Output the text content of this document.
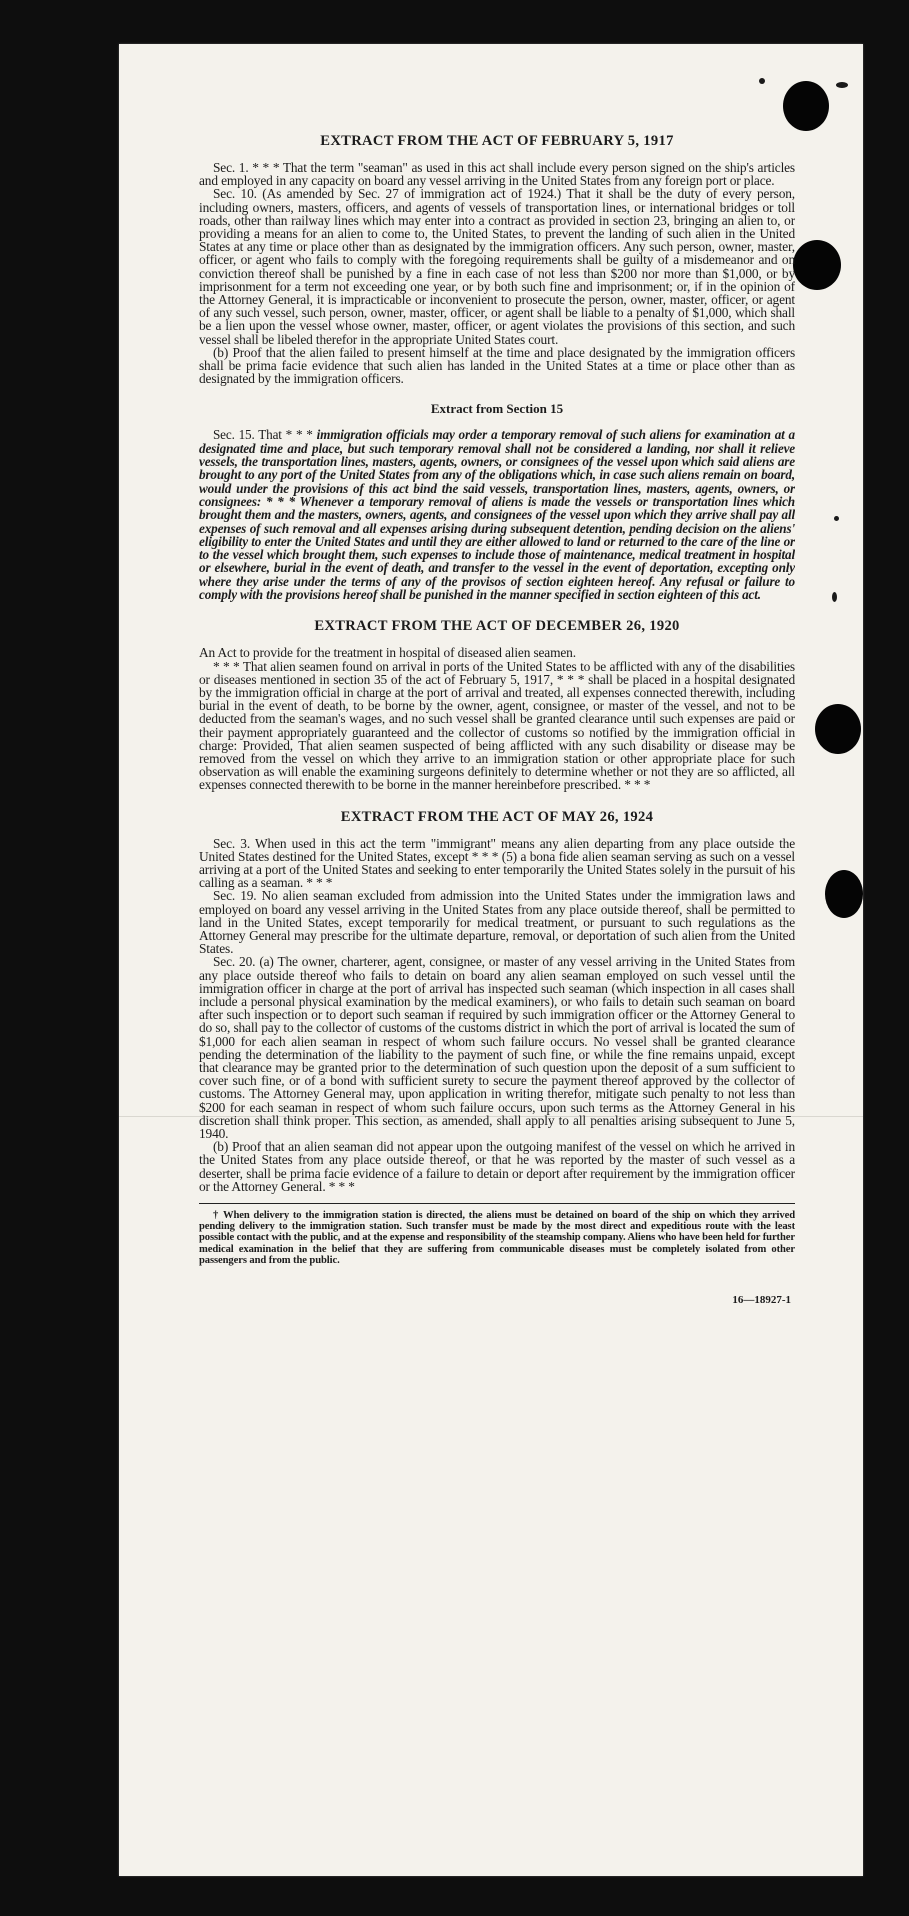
EXTRACT FROM THE ACT OF FEBRUARY 5, 1917

Sec. 1. * * * That the term "seaman" as used in this act shall include every person signed on the ship's articles and employed in any capacity on board any vessel arriving in the United States from any foreign port or place.

Sec. 10. (As amended by Sec. 27 of immigration act of 1924.) That it shall be the duty of every person, including owners, masters, officers, and agents of vessels of transportation lines, or international bridges or toll roads, other than railway lines which may enter into a contract as provided in section 23, bringing an alien to, or providing a means for an alien to come to, the United States, to prevent the landing of such alien in the United States at any time or place other than as designated by the immigration officers. Any such person, owner, master, officer, or agent who fails to comply with the foregoing requirements shall be guilty of a misdemeanor and on conviction thereof shall be punished by a fine in each case of not less than $200 nor more than $1,000, or by imprisonment for a term not exceeding one year, or by both such fine and imprisonment; or, if in the opinion of the Attorney General, it is impracticable or inconvenient to prosecute the person, owner, master, officer, or agent of any such vessel, such person, owner, master, officer, or agent shall be liable to a penalty of $1,000, which shall be a lien upon the vessel whose owner, master, officer, or agent violates the provisions of this section, and such vessel shall be libeled therefor in the appropriate United States court.

(b) Proof that the alien failed to present himself at the time and place designated by the immigration officers shall be prima facie evidence that such alien has landed in the United States at a time or place other than as designated by the immigration officers.

Extract from Section 15

Sec. 15. That * * * immigration officials may order a temporary removal of such aliens for examination at a designated time and place, but such temporary removal shall not be considered a landing, nor shall it relieve vessels, the transportation lines, masters, agents, owners, or consignees of the vessel upon which said aliens are brought to any port of the United States from any of the obligations which, in case such aliens remain on board, would under the provisions of this act bind the said vessels, transportation lines, masters, agents, owners, or consignees: * * * Whenever a temporary removal of aliens is made the vessels or transportation lines which brought them and the masters, owners, agents, and consignees of the vessel upon which they arrive shall pay all expenses of such removal and all expenses arising during subsequent detention, pending decision on the aliens' eligibility to enter the United States and until they are either allowed to land or returned to the care of the line or to the vessel which brought them, such expenses to include those of maintenance, medical treatment in hospital or elsewhere, burial in the event of death, and transfer to the vessel in the event of deportation, excepting only where they arise under the terms of any of the provisos of section eighteen hereof. Any refusal or failure to comply with the provisions hereof shall be punished in the manner specified in section eighteen of this act.

EXTRACT FROM THE ACT OF DECEMBER 26, 1920

An Act to provide for the treatment in hospital of diseased alien seamen.

* * * That alien seamen found on arrival in ports of the United States to be afflicted with any of the disabilities or diseases mentioned in section 35 of the act of February 5, 1917, * * * shall be placed in a hospital designated by the immigration official in charge at the port of arrival and treated, all expenses connected therewith, including burial in the event of death, to be borne by the owner, agent, consignee, or master of the vessel, and not to be deducted from the seaman's wages, and no such vessel shall be granted clearance until such expenses are paid or their payment appropriately guaranteed and the collector of customs so notified by the immigration official in charge: Provided, That alien seamen suspected of being afflicted with any such disability or disease may be removed from the vessel on which they arrive to an immigration station or other appropriate place for such observation as will enable the examining surgeons definitely to determine whether or not they are so afflicted, all expenses connected therewith to be borne in the manner hereinbefore prescribed. * * *

EXTRACT FROM THE ACT OF MAY 26, 1924

Sec. 3. When used in this act the term "immigrant" means any alien departing from any place outside the United States destined for the United States, except * * * (5) a bona fide alien seaman serving as such on a vessel arriving at a port of the United States and seeking to enter temporarily the United States solely in the pursuit of his calling as a seaman. * * *

Sec. 19. No alien seaman excluded from admission into the United States under the immigration laws and employed on board any vessel arriving in the United States from any place outside thereof, shall be permitted to land in the United States, except temporarily for medical treatment, or pursuant to such regulations as the Attorney General may prescribe for the ultimate departure, removal, or deportation of such alien from the United States.

Sec. 20. (a) The owner, charterer, agent, consignee, or master of any vessel arriving in the United States from any place outside thereof who fails to detain on board any alien seaman employed on such vessel until the immigration officer in charge at the port of arrival has inspected such seaman (which inspection in all cases shall include a personal physical examination by the medical examiners), or who fails to detain such seaman on board after such inspection or to deport such seaman if required by such immigration officer or the Attorney General to do so, shall pay to the collector of customs of the customs district in which the port of arrival is located the sum of $1,000 for each alien seaman in respect of whom such failure occurs. No vessel shall be granted clearance pending the determination of the liability to the payment of such fine, or while the fine remains unpaid, except that clearance may be granted prior to the determination of such question upon the deposit of a sum sufficient to cover such fine, or of a bond with sufficient surety to secure the payment thereof approved by the collector of customs. The Attorney General may, upon application in writing therefor, mitigate such penalty to not less than $200 for each seaman in respect of whom such failure occurs, upon such terms as the Attorney General in his discretion shall think proper. This section, as amended, shall apply to all penalties arising subsequent to June 5, 1940.

(b) Proof that an alien seaman did not appear upon the outgoing manifest of the vessel on which he arrived in the United States from any place outside thereof, or that he was reported by the master of such vessel as a deserter, shall be prima facie evidence of a failure to detain or deport after requirement by the immigration officer or the Attorney General. * * *

† When delivery to the immigration station is directed, the aliens must be detained on board of the ship on which they arrived pending delivery to the immigration station. Such transfer must be made by the most direct and expeditious route with the least possible contact with the public, and at the expense and responsibility of the steamship company. Aliens who have been held for further medical examination in the belief that they are suffering from communicable diseases must be completely isolated from other passengers and from the public.

16—18927-1
